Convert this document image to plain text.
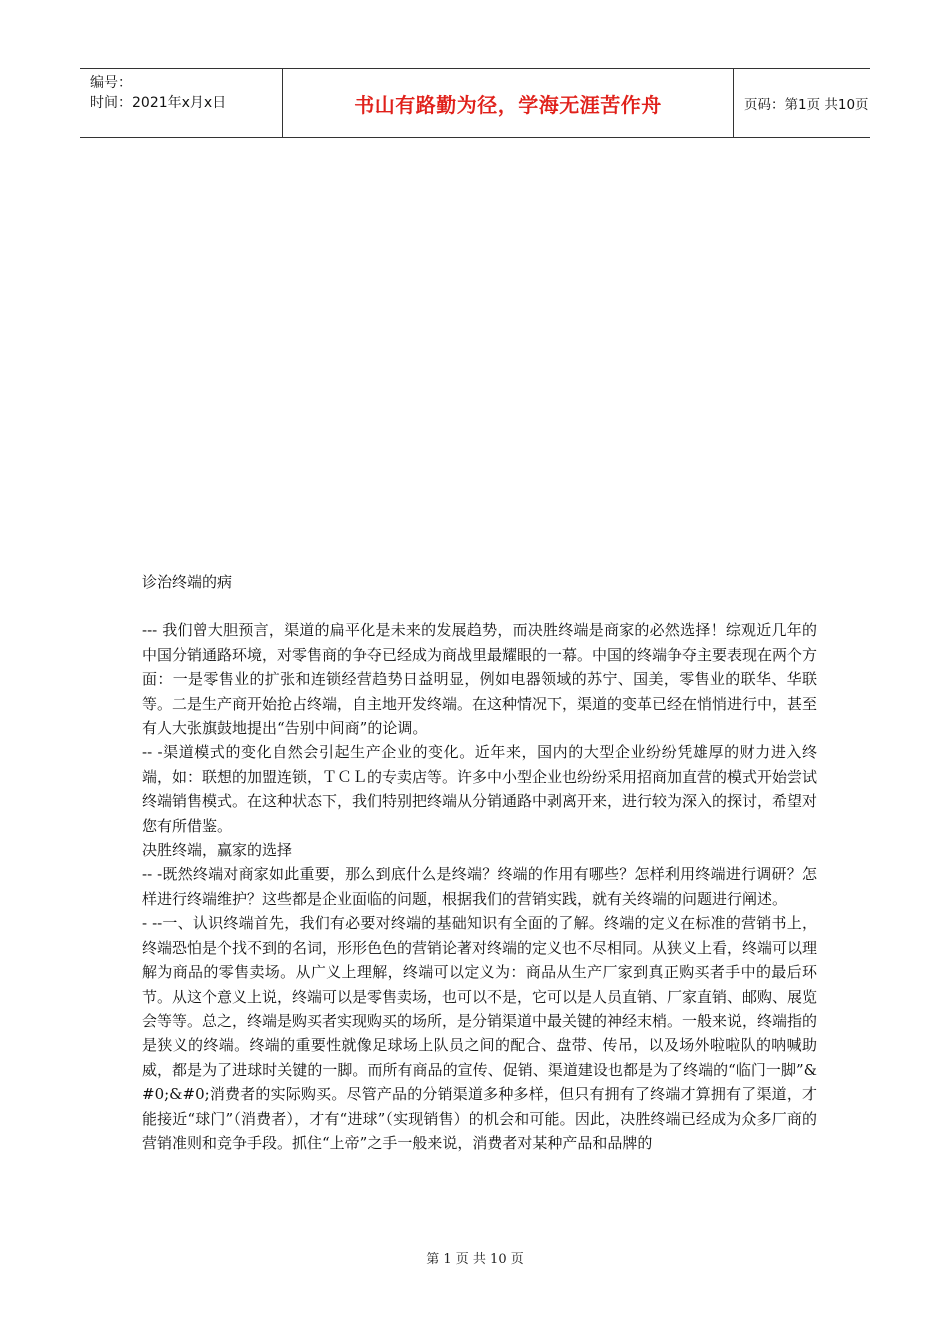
编号：
时间：2021年x月x日	书山有路勤为径，学海无涯苦作舟	页码：第1页 共10页

诊治终端的病

--- 我们曾大胆预言，渠道的扁平化是未来的发展趋势，而决胜终端是商家的必然选择！综观近几年的中国分销通路环境，对零售商的争夺已经成为商战里最耀眼的一幕。中国的终端争夺主要表现在两个方面：一是零售业的扩张和连锁经营趋势日益明显，例如电器领域的苏宁、国美，零售业的联华、华联等。二是生产商开始抢占终端，自主地开发终端。在这种情况下，渠道的变革已经在悄悄进行中，甚至有人大张旗鼓地提出“告别中间商”的论调。

-- -渠道模式的变化自然会引起生产企业的变化。近年来，国内的大型企业纷纷凭雄厚的财力进入终端，如：联想的加盟连锁，ＴＣＬ的专卖店等。许多中小型企业也纷纷采用招商加直营的模式开始尝试终端销售模式。在这种状态下，我们特别把终端从分销通路中剥离开来，进行较为深入的探讨，希望对您有所借鉴。

决胜终端，赢家的选择

-- -既然终端对商家如此重要，那么到底什么是终端？终端的作用有哪些？怎样利用终端进行调研？怎样进行终端维护？这些都是企业面临的问题，根据我们的营销实践，就有关终端的问题进行阐述。

- --一、认识终端首先，我们有必要对终端的基础知识有全面的了解。终端的定义在标准的营销书上，终端恐怕是个找不到的名词，形形色色的营销论著对终端的定义也不尽相同。从狭义上看，终端可以理解为商品的零售卖场。从广义上理解，终端可以定义为：商品从生产厂家到真正购买者手中的最后环节。从这个意义上说，终端可以是零售卖场，也可以不是，它可以是人员直销、厂家直销、邮购、展览会等等。总之，终端是购买者实现购买的场所，是分销渠道中最关键的神经末梢。一般来说，终端指的是狭义的终端。终端的重要性就像足球场上队员之间的配合、盘带、传吊，以及场外啦啦队的呐喊助威，都是为了进球时关键的一脚。而所有商品的宣传、促销、渠道建设也都是为了终端的“临门一脚”&#0;&#0;消费者的实际购买。尽管产品的分销渠道多种多样，但只有拥有了终端才算拥有了渠道，才能接近“球门”（消费者），才有“进球”（实现销售）的机会和可能。因此，决胜终端已经成为众多厂商的营销准则和竞争手段。抓住“上帝”之手一般来说，消费者对某种产品和品牌的

第 1 页 共 10 页
